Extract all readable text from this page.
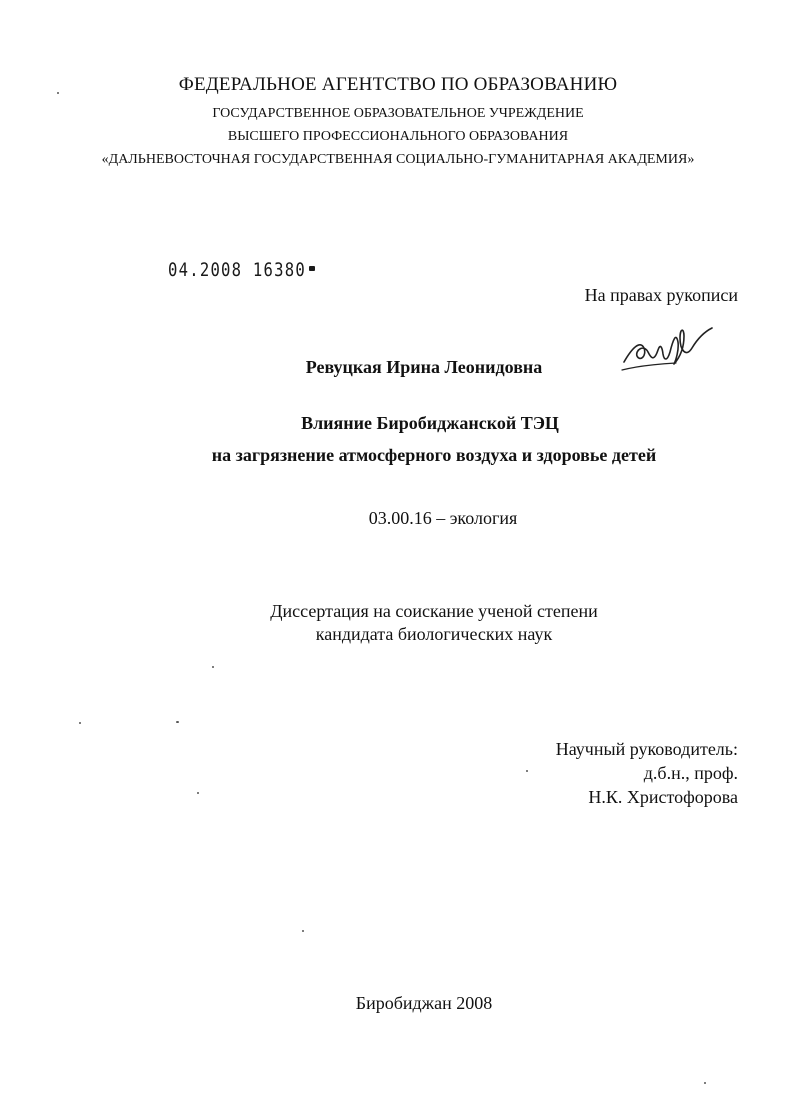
ФЕДЕРАЛЬНОЕ АГЕНТСТВО ПО ОБРАЗОВАНИЮ
ГОСУДАРСТВЕННОЕ ОБРАЗОВАТЕЛЬНОЕ УЧРЕЖДЕНИЕ
ВЫСШЕГО ПРОФЕССИОНАЛЬНОГО ОБРАЗОВАНИЯ
«ДАЛЬНЕВОСТОЧНАЯ ГОСУДАРСТВЕННАЯ СОЦИАЛЬНО-ГУМАНИТАРНАЯ АКАДЕМИЯ»
04.2008 16380
На правах рукописи
Ревуцкая Ирина Леонидовна
Влияние Биробиджанской ТЭЦ
на загрязнение атмосферного воздуха и здоровье детей
03.00.16 – экология
Диссертация на соискание ученой степени
кандидата биологических наук
Научный руководитель:
д.б.н., проф.
Н.К. Христофорова
Биробиджан 2008
